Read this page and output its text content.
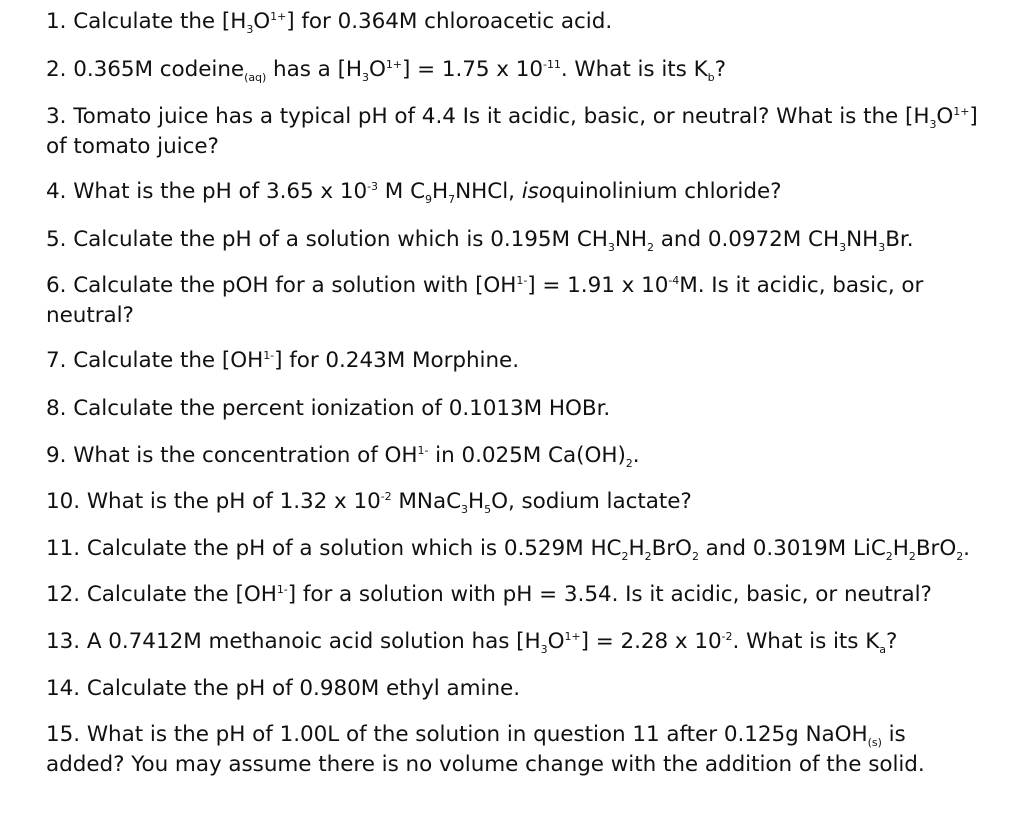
1. Calculate the $[H_3O^{1+}]$ for 0.364M chloroacetic acid.
2. 0.365M codeine$_{(aq)}$ has a $[H_3O^{1+}] = 1.75$ x $10^{-11}$. What is its $K_b$?
3. Tomato juice has a typical pH of 4.4 Is it acidic, basic, or neutral? What is the $[H_3O^{1+}]$
of tomato juice?
4. What is the pH of 3.65 x $10^{-3}$ M $C_9H_7NHCl$, isoquinolinium chloride?
5. Calculate the pH of a solution which is 0.195M $CH_3NH_2$ and 0.0972M $CH_3NH_3Br$.
6. Calculate the pOH for a solution with $[OH^{1-}] = 1.91$ x $10^{-4}M$. Is it acidic, basic, or
neutral?
7. Calculate the $[OH^{1-}]$ for 0.243M Morphine.
8. Calculate the percent ionization of 0.1013M HOBr.
9. What is the concentration of $OH^{1-}$ in 0.025M $Ca(OH)_2$.
10. What is the pH of 1.32 x $10^{-2}$ $MNaC_3H_5O$, sodium lactate?
11. Calculate the pH of a solution which is 0.529M $HC_2H_2BrO_2$ and 0.3019M $LiC_2H_2BrO_2$.
12. Calculate the $[OH^{1-}]$ for a solution with pH = 3.54. Is it acidic, basic, or neutral?
13. A 0.7412M methanoic acid solution has $[H_3O^{1+}] = 2.28$ x $10^{-2}$. What is its $K_a$?
14. Calculate the pH of 0.980M ethyl amine.
15. What is the pH of 1.00L of the solution in question 11 after 0.125g NaOH$_{(s)}$ is
added? You may assume there is no volume change with the addition of the solid.
